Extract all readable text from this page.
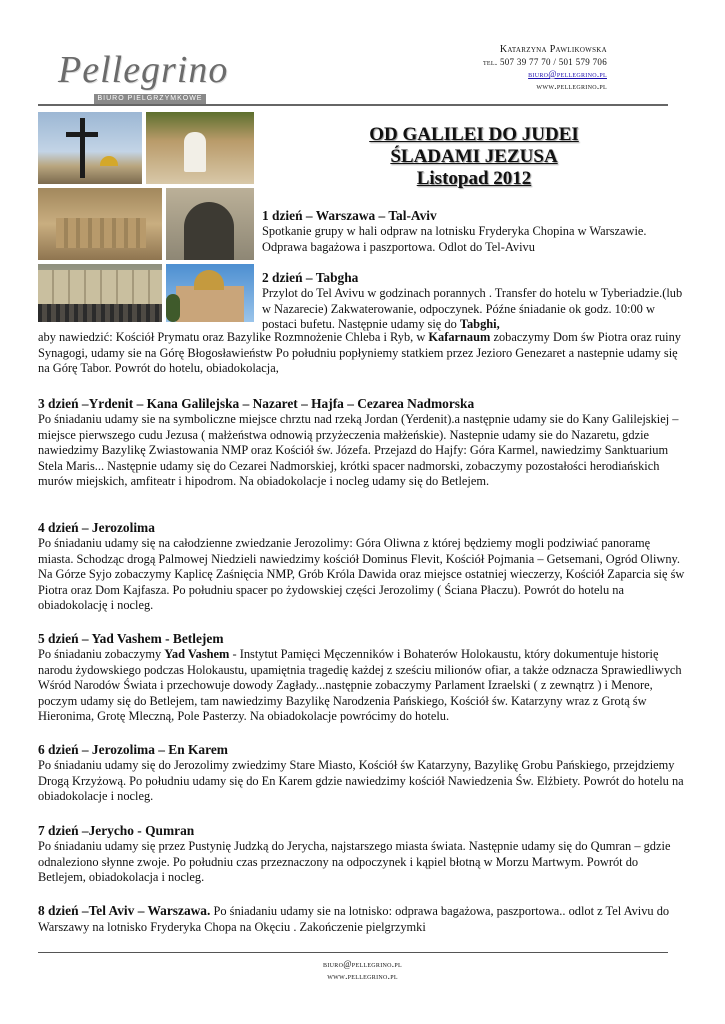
Pellegrino
BIURO PIELGRZYMKOWE
Katarzyna Pawlikowska
tel. 507 39 77 70 / 501 579 706
biuro@pellegrino.pl
www.pellegrino.pl
OD GALILEI DO JUDEI
ŚLADAMI JEZUSA
Listopad 2012
1 dzień – Warszawa – Tal-Aviv

Spotkanie grupy w hali odpraw na lotnisku Fryderyka Chopina w Warszawie. Odprawa bagażowa i paszportowa. Odlot do Tel-Avivu

2 dzień – Tabgha

Przylot do Tel Avivu w godzinach porannych . Transfer do hotelu w Tyberiadzie.(lub w Nazarecie) Zakwaterowanie, odpoczynek. Późne śniadanie ok godz. 10:00 w postaci bufetu. Następnie udamy się do Tabghi,

aby nawiedzić: Kościół Prymatu oraz Bazylike Rozmnożenie Chleba i Ryb, w Kafarnaum zobaczymy Dom św Piotra oraz ruiny Synagogi, udamy sie na Górę Błogosławieństw Po południu popłyniemy statkiem przez Jezioro Genezaret a nastepnie udamy się na Górę Tabor. Powrót do hotelu, obiadokolacja,

3 dzień –Yrdenit – Kana Galilejska – Nazaret – Hajfa – Cezarea Nadmorska

Po śniadaniu udamy sie na symboliczne miejsce chrztu nad rzeką Jordan (Yerdenit).a następnie udamy sie do Kany Galilejskiej – miejsce pierwszego cudu Jezusa ( małżeństwa odnowią przyżeczenia małżeńskie). Nastepnie udamy sie do Nazaretu, gdzie nawiedzimy Bazylikę Zwiastowania NMP oraz Kościół św. Józefa. Przejazd do Hajfy: Góra Karmel, nawiedzimy Sanktuarium Stela Maris... Następnie udamy się do Cezarei Nadmorskiej, krótki spacer nadmorski, zobaczymy pozostałości herodiańskich murów miejskich, amfiteatr i hipodrom. Na obiadokolacje i nocleg udamy się do Betlejem.

4 dzień – Jerozolima

Po śniadaniu udamy się na całodzienne zwiedzanie Jerozolimy: Góra Oliwna z której będziemy mogli podziwiać panoramę miasta. Schodząc drogą Palmowej Niedzieli nawiedzimy kościół Dominus Flevit, Kościół Pojmania – Getsemani, Ogród Oliwny. Na Górze Syjo zobaczymy Kaplicę Zaśnięcia NMP, Grób Króla Dawida oraz miejsce ostatniej wieczerzy, Kościół Zaparcia się św Piotra oraz Dom Kajfasza. Po południu spacer po żydowskiej części Jerozolimy ( Ściana Płaczu). Powrót do hotelu na obiadokolację i nocleg.

5 dzień – Yad Vashem - Betlejem

Po śniadaniu zobaczymy Yad Vashem - Instytut Pamięci Męczenników i Bohaterów Holokaustu, który dokumentuje historię narodu żydowskiego podczas Holokaustu, upamiętnia tragedię każdej z sześciu milionów ofiar, a także odznacza Sprawiedliwych Wśród Narodów Świata i przechowuje dowody Zagłady...następnie zobaczymy Parlament Izraelski ( z zewnątrz ) i Menore, poczym udamy się do Betlejem, tam nawiedzimy Bazylikę Narodzenia Pańskiego, Kościół św. Katarzyny wraz z Grotą św Hieronima, Grotę Mleczną, Pole Pasterzy. Na obiadokolacje powrócimy do hotelu.

6 dzień – Jerozolima – En Karem

Po śniadaniu udamy się do Jerozolimy zwiedzimy Stare Miasto, Kościół św Katarzyny, Bazylikę Grobu Pańskiego, przejdziemy Drogą Krzyżową. Po południu udamy się do En Karem gdzie nawiedzimy kościół Nawiedzenia Św. Elżbiety. Powrót do hotelu na obiadokolacje i nocleg.

7 dzień –Jerycho - Qumran

Po śniadaniu udamy się przez Pustynię Judzką do Jerycha, najstarszego miasta świata. Następnie udamy się do Qumran – gdzie odnaleziono słynne zwoje. Po południu czas przeznaczony na odpoczynek i kąpiel błotną w Morzu Martwym. Powrót do Betlejem, obiadokolacja i nocleg.

8 dzień –Tel Aviv – Warszawa. Po śniadaniu udamy sie na lotnisko: odprawa bagażowa, paszportowa.. odlot z Tel Avivu do Warszawy na lotnisko Fryderyka Chopa na Okęciu . Zakończenie pielgrzymki

biuro@pellegrino.pl
www.pellegrino.pl
